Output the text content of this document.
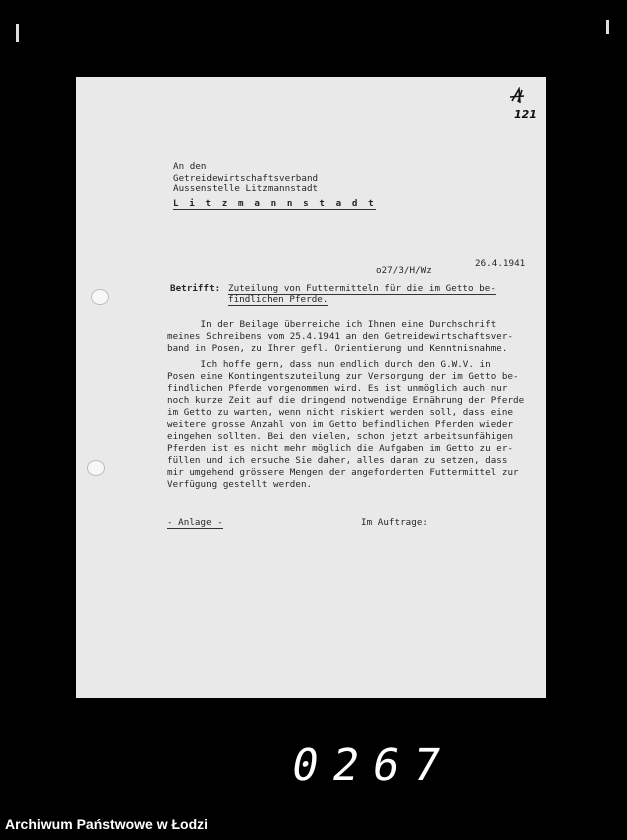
An den
Getreidewirtschaftsverband
Aussenstelle Litzmannstadt
L i t z m a n n s t a d t
26.4.1941
o27/3/H/Wz
Betrifft: Zuteilung von Futtermitteln für die im Getto be-
findlichen Pferde.
In der Beilage überreiche ich Ihnen eine Durchschrift
meines Schreibens vom 25.4.1941 an den Getreidewirtschaftsver-
band in Posen, zu Ihrer gefl. Orientierung und Kenntnisnahme.
Ich hoffe gern, dass nun endlich durch den G.W.V. in
Posen eine Kontingentszuteilung zur Versorgung der im Getto be-
findlichen Pferde vorgenommen wird. Es ist unmöglich auch nur
noch kurze Zeit auf die dringend notwendige Ernährung der Pferde
im Getto zu warten, wenn nicht riskiert werden soll, dass eine
weitere grosse Anzahl von im Getto befindlichen Pferden wieder
eingehen sollten. Bei den vielen, schon jetzt arbeitsunfähigen
Pferden ist es nicht mehr möglich die Aufgaben im Getto zu er-
füllen und ich ersuche Sie daher, alles daran zu setzen, dass
mir umgehend grössere Mengen der angeforderten Futtermittel zur
Verfügung gestellt werden.
- Anlage -	Im Auftrage:
121
0267
Archiwum Państwowe w Łodzi
